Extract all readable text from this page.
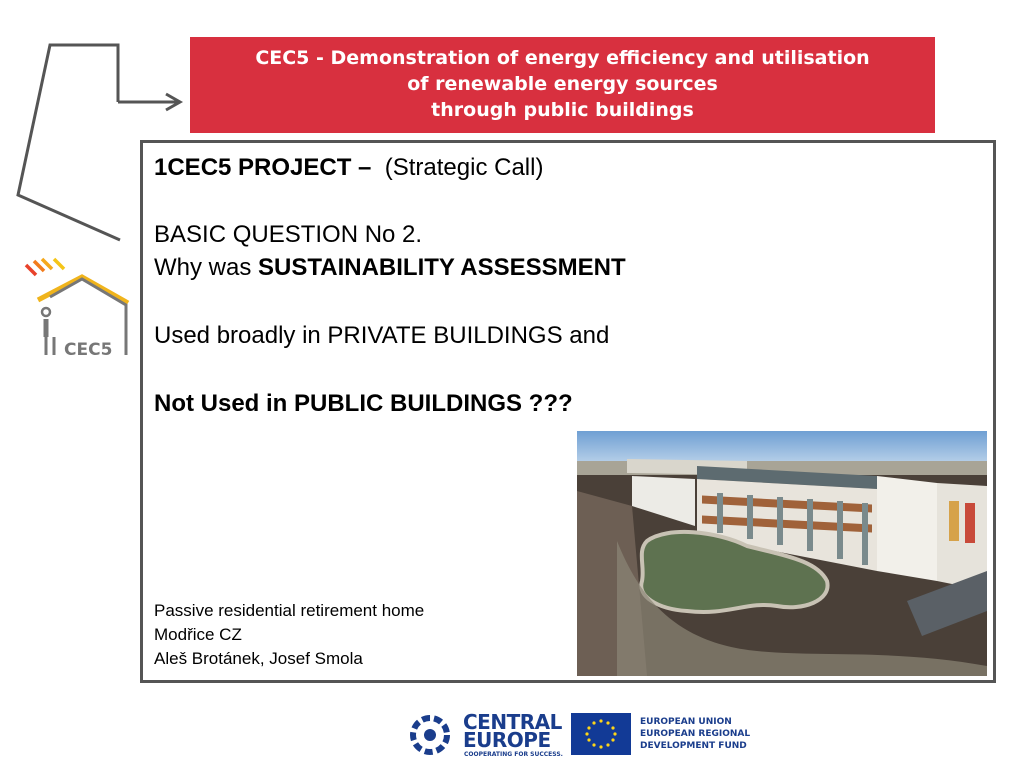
CEC5 - Demonstration of energy efficiency and utilisation
of renewable energy sources
through public buildings
CEC5
1CEC5 PROJECT – (Strategic Call)
BASIC QUESTION No 2.
Why was SUSTAINABILITY ASSESSMENT
Used broadly in PRIVATE BUILDINGS and
Not Used in PUBLIC BUILDINGS ???
Passive residential retirement home
Modřice CZ
Aleš Brotánek, Josef Smola
CENTRAL
EUROPE
COOPERATING FOR SUCCESS.
EUROPEAN UNION
EUROPEAN REGIONAL
DEVELOPMENT FUND
